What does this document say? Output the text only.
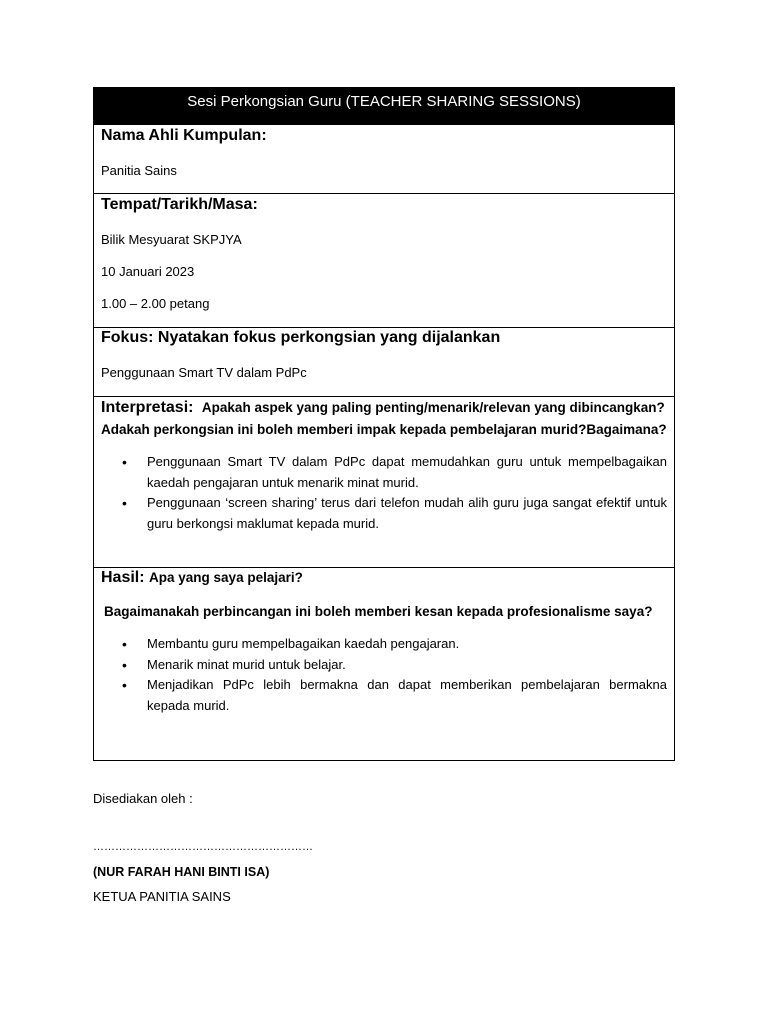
Sesi Perkongsian Guru (TEACHER SHARING SESSIONS)
Nama Ahli Kumpulan:
Panitia Sains
Tempat/Tarikh/Masa:
Bilik Mesyuarat SKPJYA
10 Januari 2023
1.00 – 2.00 petang
Fokus: Nyatakan fokus perkongsian yang dijalankan
Penggunaan Smart TV dalam PdPc
Interpretasi: Apakah aspek yang paling penting/menarik/relevan yang dibincangkan?
Adakah perkongsian ini boleh memberi impak kepada pembelajaran murid?Bagaimana?
• Penggunaan Smart TV dalam PdPc dapat memudahkan guru untuk mempelbagaikan kaedah pengajaran untuk menarik minat murid.
• Penggunaan ‘screen sharing’ terus dari telefon mudah alih guru juga sangat efektif untuk guru berkongsi maklumat kepada murid.
Hasil: Apa yang saya pelajari?
Bagaimanakah perbincangan ini boleh memberi kesan kepada profesionalisme saya?
• Membantu guru mempelbagaikan kaedah pengajaran.
• Menarik minat murid untuk belajar.
• Menjadikan PdPc lebih bermakna dan dapat memberikan pembelajaran bermakna kepada murid.
Disediakan oleh :
……………………………………………………
(NUR FARAH HANI BINTI ISA)
KETUA PANITIA SAINS
